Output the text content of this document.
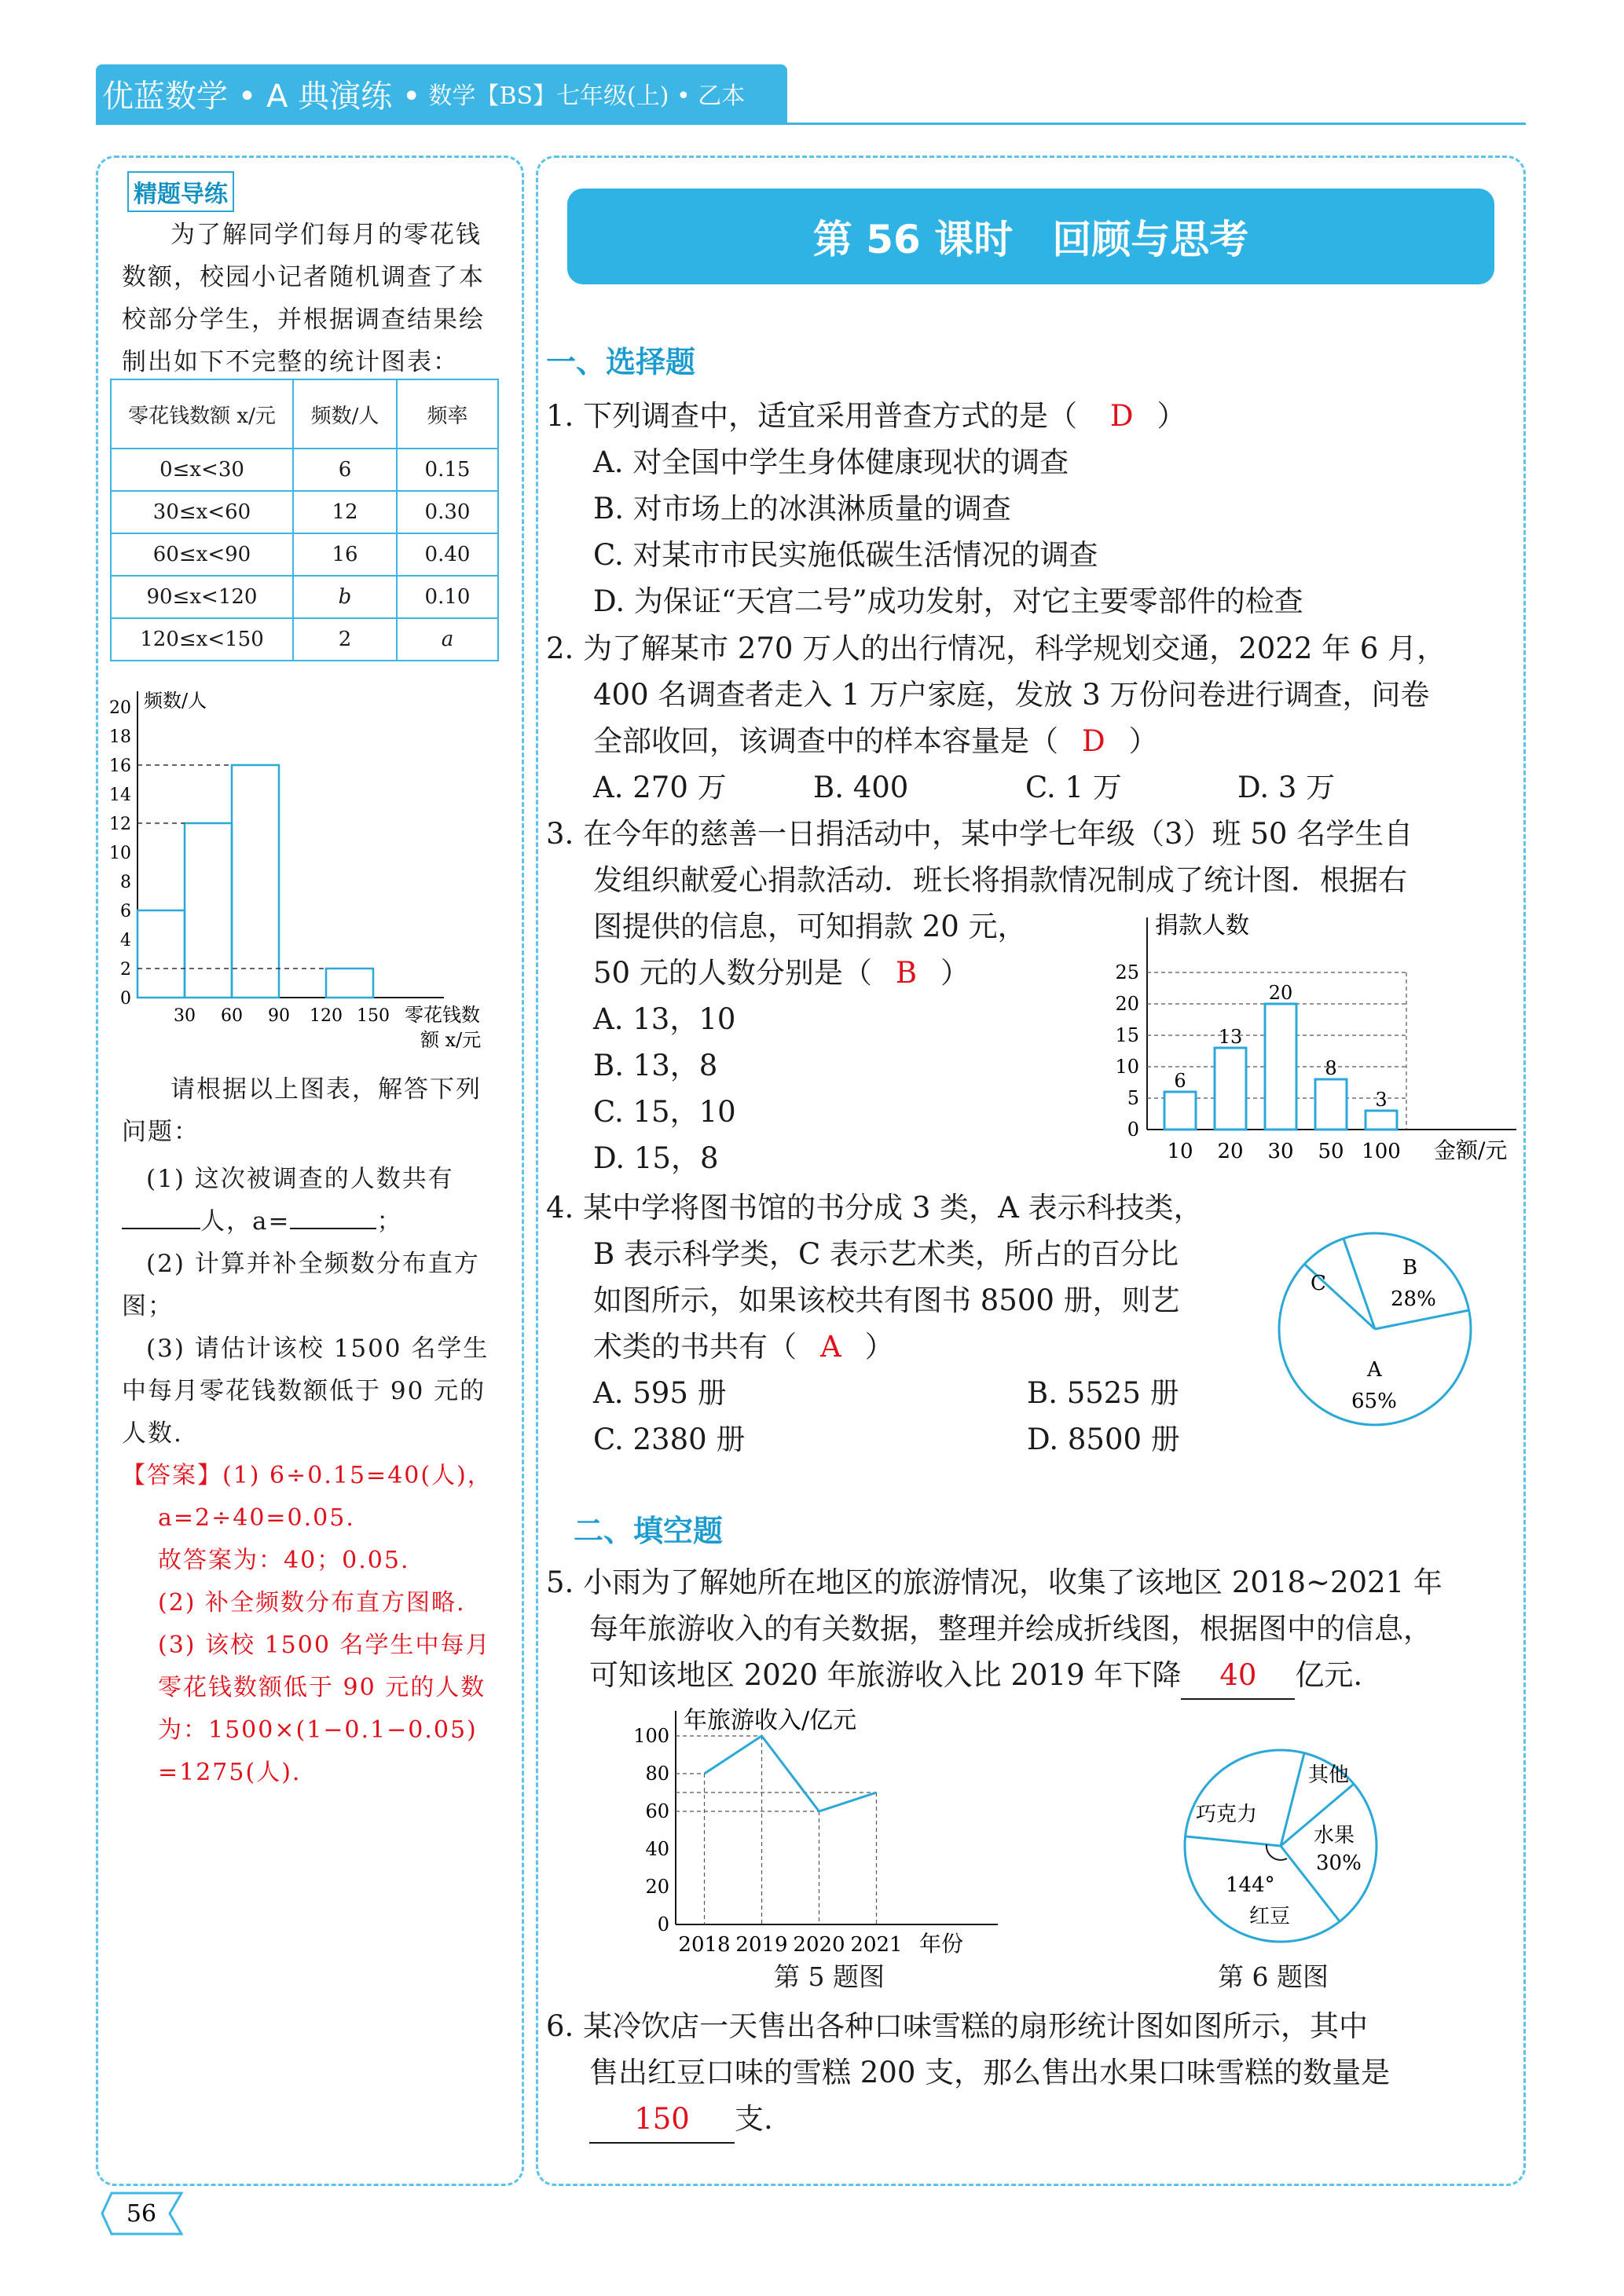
优蓝数学 • A 典演练 • 数学【BS】七年级(上) • 乙本
精题导练
为了解同学们每月的零花钱数额，校园小记者随机调查了本校部分学生，并根据调查结果绘制出如下不完整的统计图表：
零花钱数额 x/元	频数/人	频率
0≤x<30	6	0.15
30≤x<60	12	0.30
60≤x<90	16	0.40
90≤x<120	b	0.10
120≤x<150	2	a
频数/人
0
2
4
6
8
10
12
14
16
18
20
30 60 90 120 150 零花钱数
额 x/元
请根据以上图表，解答下列问题：
(1) 这次被调查的人数共有
人，a=	；
(2) 计算并补全频数分布直方图；
(3) 请估计该校 1500 名学生中每月零花钱数额低于 90 元的人数.
【答案】(1) 6÷0.15=40(人)，
a=2÷40=0.05.
故答案为：40；0.05.
(2) 补全频数分布直方图略.
(3) 该校 1500 名学生中每月零花钱数额低于 90 元的人数为：1500×(1−0.1−0.05)
=1275(人).
56
第 56 课时　回顾与思考
一、选择题
1. 下列调查中，适宜采用普查方式的是（ D ）
A. 对全国中学生身体健康现状的调查
B. 对市场上的冰淇淋质量的调查
C. 对某市市民实施低碳生活情况的调查
D. 为保证“天宫二号”成功发射，对它主要零部件的检查
2. 为了解某市 270 万人的出行情况，科学规划交通，2022 年 6 月，
400 名调查者走入 1 万户家庭，发放 3 万份问卷进行调查，问卷
全部收回，该调查中的样本容量是（ D ）
A. 270 万	B. 400	C. 1 万	D. 3 万
3. 在今年的慈善一日捐活动中，某中学七年级（3）班 50 名学生自
发组织献爱心捐款活动．班长将捐款情况制成了统计图．根据右
图提供的信息，可知捐款 20 元，
50 元的人数分别是（ B ）
A. 13，10
B. 13，8
C. 15，10
D. 15，8
捐款人数
0
5
10
15
20
25
6
10
13
20
20
30
8
50
3
100 金额/元
4. 某中学将图书馆的书分成 3 类，A 表示科技类，
B 表示科学类，C 表示艺术类，所占的百分比
如图所示，如果该校共有图书 8500 册，则艺
术类的书共有（ A ）
A. 595 册	B. 5525 册
C. 2380 册	D. 8500 册
C
B
28%
A
65%
二、填空题
5. 小雨为了解她所在地区的旅游情况，收集了该地区 2018~2021 年
每年旅游收入的有关数据，整理并绘成折线图，根据图中的信息，
可知该地区 2020 年旅游收入比 2019 年下降 40 亿元.
年旅游收入/亿元
0
20
40
60
80
100
2018 2019 2020 2021 年份
第 5 题图
其他
巧克力
水果
30%
144°
红豆
第 6 题图
6. 某冷饮店一天售出各种口味雪糕的扇形统计图如图所示，其中
售出红豆口味的雪糕 200 支，那么售出水果口味雪糕的数量是
150 支.
